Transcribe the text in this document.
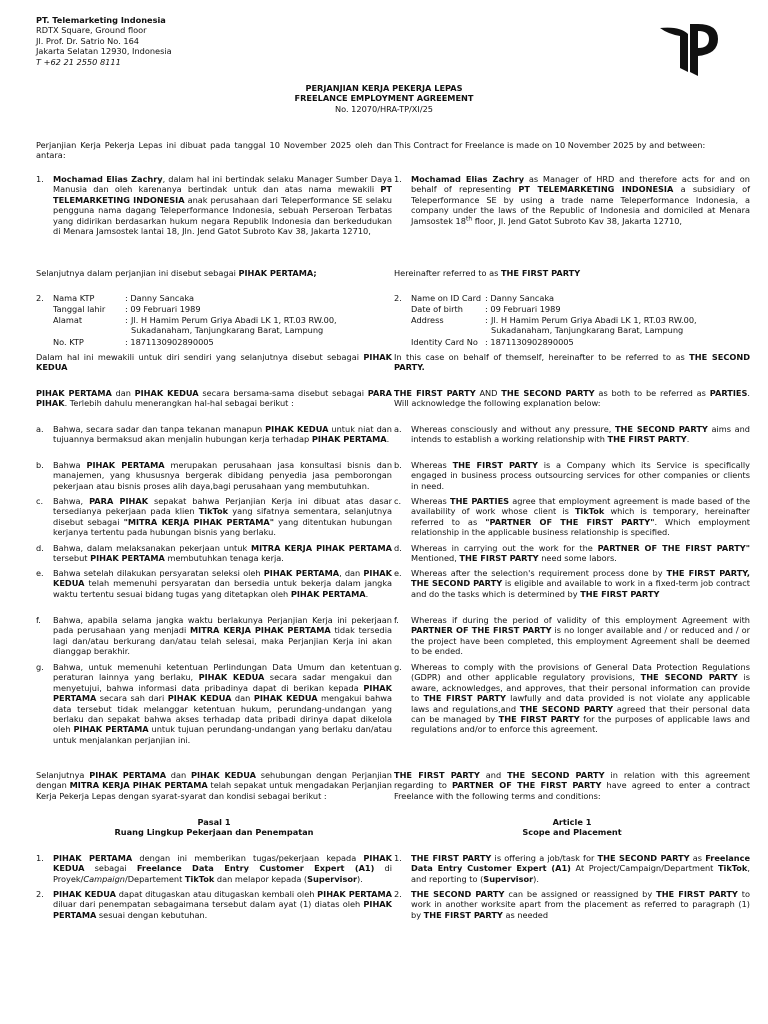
PT. Telemarketing Indonesia
RDTX Square, Ground floor
Jl. Prof. Dr. Satrio No. 164
Jakarta Selatan 12930, Indonesia
T +62 21 2550 8111
PERJANJIAN KERJA PEKERJA LEPAS
FREELANCE EMPLOYMENT AGREEMENT
No. 12070/HRA-TP/XI/25

Perjanjian Kerja Pekerja Lepas ini dibuat pada tanggal 10 November 2025 oleh dan antara:

1. Mochamad Elias Zachry, dalam hal ini bertindak selaku Manager Sumber Daya Manusia dan oleh karenanya bertindak untuk dan atas nama mewakili PT TELEMARKETING INDONESIA anak perusahaan dari Teleperformance SE selaku pengguna nama dagang Teleperformance Indonesia, sebuah Perseroan Terbatas yang didirikan berdasarkan hukum negara Republik Indonesia dan berkedudukan di Menara Jamsostek lantai 18, Jln. Jend Gatot Subroto Kav 38, Jakarta 12710,

Selanjutnya dalam perjanjian ini disebut sebagai PIHAK PERTAMA;

2. Nama KTP	: Danny Sancaka
Tanggal lahir : 09 Februari 1989
Alamat	: Jl. H Hamim Perum Griya Abadi LK 1, RT.03 RW.00, Sukadanaham, Tanjungkarang Barat, Lampung
No. KTP	: 1871130902890005

Dalam hal ini mewakili untuk diri sendiri yang selanjutnya disebut sebagai PIHAK KEDUA

PIHAK PERTAMA dan PIHAK KEDUA secara bersama-sama disebut sebagai PARA PIHAK. Terlebih dahulu menerangkan hal-hal sebagai berikut :

a. Bahwa, secara sadar dan tanpa tekanan manapun PIHAK KEDUA untuk niat dan tujuannya bermaksud akan menjalin hubungan kerja terhadap PIHAK PERTAMA.

b. Bahwa PIHAK PERTAMA merupakan perusahaan jasa konsultasi bisnis dan manajemen, yang khususnya bergerak dibidang penyedia jasa pemborongan pekerjaan atau bisnis proses alih daya,bagi perusahaan yang membutuhkan.

c. Bahwa, PARA PIHAK sepakat bahwa Perjanjian Kerja ini dibuat atas dasar tersedianya pekerjaan pada klien TikTok yang sifatnya sementara, selanjutnya disebut sebagai "MITRA KERJA PIHAK PERTAMA" yang ditentukan hubungan kerjanya tertentu pada hubungan bisnis yang berlaku.

d. Bahwa, dalam melaksanakan pekerjaan untuk MITRA KERJA PIHAK PERTAMA tersebut PIHAK PERTAMA membutuhkan tenaga kerja.

e. Bahwa setelah dilakukan persyaratan seleksi oleh PIHAK PERTAMA, dan PIHAK KEDUA telah memenuhi persyaratan dan bersedia untuk bekerja dalam jangka waktu tertentu sesuai bidang tugas yang ditetapkan oleh PIHAK PERTAMA.

f. Bahwa, apabila selama jangka waktu berlakunya Perjanjian Kerja ini pekerjaan pada perusahaan yang menjadi MITRA KERJA PIHAK PERTAMA tidak tersedia lagi dan/atau berkurang dan/atau telah selesai, maka Perjanjian Kerja ini akan dianggap berakhir.

g. Bahwa, untuk memenuhi ketentuan Perlindungan Data Umum dan ketentuan peraturan lainnya yang berlaku, PIHAK KEDUA secara sadar mengakui dan menyetujui, bahwa informasi data pribadinya dapat di berikan kepada PIHAK PERTAMA secara sah dari PIHAK KEDUA dan PIHAK KEDUA mengakui bahwa data tersebut tidak melanggar ketentuan hukum, perundang-undangan yang berlaku dan sepakat bahwa akses terhadap data pribadi dirinya dapat dikelola oleh PIHAK PERTAMA untuk tujuan perundang-undangan yang berlaku dan/atau untuk menjalankan perjanjian ini.

Selanjutnya PIHAK PERTAMA dan PIHAK KEDUA sehubungan dengan Perjanjian dengan MITRA KERJA PIHAK PERTAMA telah sepakat untuk mengadakan Perjanjian Kerja Pekerja Lepas dengan syarat-syarat dan kondisi sebagai berikut :

Pasal 1

Ruang Lingkup Pekerjaan dan Penempatan

1. PIHAK PERTAMA dengan ini memberikan tugas/pekerjaan kepada PIHAK KEDUA sebagai Freelance Data Entry Customer Expert (A1) di Proyek/Campaign/Departement TikTok dan melapor kepada (Supervisor).

2. PIHAK KEDUA dapat ditugaskan atau ditugaskan kembali oleh PIHAK PERTAMA diluar dari penempatan sebagaimana tersebut dalam ayat (1) diatas oleh PIHAK PERTAMA sesuai dengan kebutuhan.

This Contract for Freelance is made on 10 November 2025 by and between:

1. Mochamad Elias Zachry as Manager of HRD and therefore acts for and on behalf of representing PT TELEMARKETING INDONESIA a subsidiary of Teleperformance SE by using a trade name Teleperformance Indonesia, a company under the laws of the Republic of Indonesia and domiciled at Menara Jamsostek 18th floor, Jl. Jend Gatot Subroto Kav 38, Jakarta 12710,

Hereinafter referred to as THE FIRST PARTY

2. Name on ID Card : Danny Sancaka
Date of birth	: 09 Februari 1989
Address	: Jl. H Hamim Perum Griya Abadi LK 1, RT.03 RW.00, Sukadanaham, Tanjungkarang Barat, Lampung
Identity Card No : 1871130902890005

In this case on behalf of themself, hereinafter to be referred to as THE SECOND PARTY.

THE FIRST PARTY AND THE SECOND PARTY as both to be referred as PARTIES. Will acknowledge the following explanation below:

a. Whereas consciously and without any pressure, THE SECOND PARTY aims and intends to establish a working relationship with THE FIRST PARTY.

b. Whereas THE FIRST PARTY is a Company which its Service is specifically engaged in business process outsourcing services for other companies or clients in need.

c. Whereas THE PARTIES agree that employment agreement is made based of the availability of work whose client is TikTok which is temporary, hereinafter referred to as "PARTNER OF THE FIRST PARTY". Which employment relationship in the applicable business relationship is specified.

d. Whereas in carrying out the work for the PARTNER OF THE FIRST PARTY" Mentioned, THE FIRST PARTY need some labors.

e. Whereas after the selection's requirement process done by THE FIRST PARTY, THE SECOND PARTY is eligible and available to work in a fixed-term job contract and do the tasks which is determined by THE FIRST PARTY

f. Whereas if during the period of validity of this employment Agreement with PARTNER OF THE FIRST PARTY is no longer available and / or reduced and / or the project have been completed, this employment Agreement shall be deemed to be ended.

g. Whereas to comply with the provisions of General Data Protection Regulations (GDPR) and other applicable regulatory provisions, THE SECOND PARTY is aware, acknowledges, and approves, that their personal information can provide to THE FIRST PARTY lawfully and data provided is not violate any applicable laws and regulations,and THE SECOND PARTY agreed that their personal data can be managed by THE FIRST PARTY for the purposes of applicable laws and regulations and/or to enforce this agreement.

THE FIRST PARTY and THE SECOND PARTY in relation with this agreement regarding to PARTNER OF THE FIRST PARTY have agreed to enter a contract Freelance with the following terms and conditions:

Article 1

Scope and Placement

1. THE FIRST PARTY is offering a job/task for THE SECOND PARTY as Freelance Data Entry Customer Expert (A1) At Project/Campaign/Department TikTok, and reporting to (Supervisor).

2. THE SECOND PARTY can be assigned or reassigned by THE FIRST PARTY to work in another worksite apart from the placement as referred to paragraph (1) by THE FIRST PARTY as needed
